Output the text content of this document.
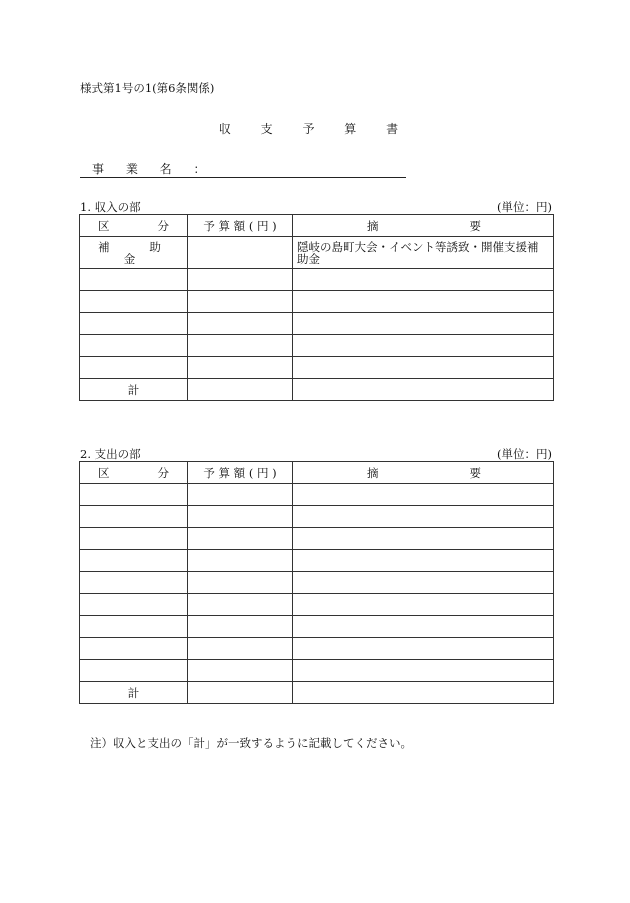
様式第1号の1(第6条関係)
収 支 予 算 書
事 業 名 ：
1. 収入の部	(単位：円)
区 分	予 算 額 ( 円 )	摘 要

補 助 金		隠岐の島町大会・イベント等誘致・開催支援補助金

計		
2. 支出の部	(単位：円)
区 分	予 算 額 ( 円 )	摘 要

計		
注）収入と支出の「計」が一致するように記載してください。
